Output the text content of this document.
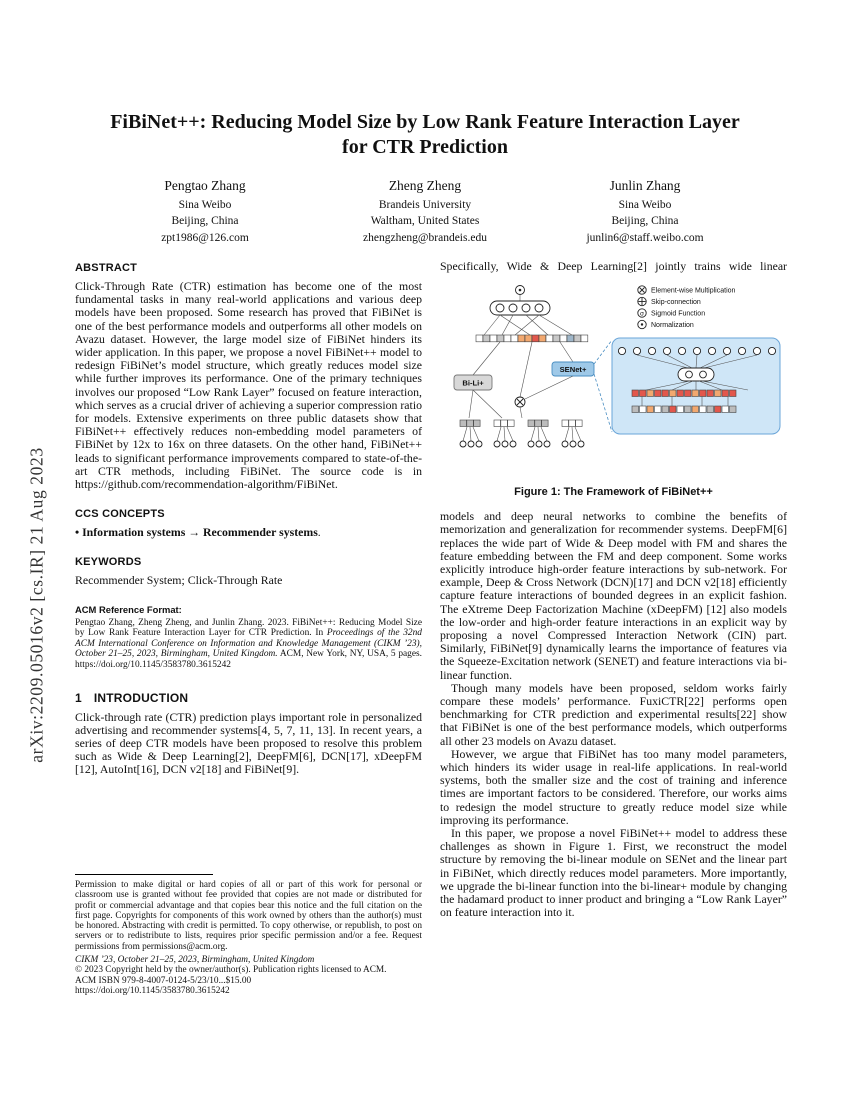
arXiv:2209.05016v2 [cs.IR] 21 Aug 2023
FiBiNet++: Reducing Model Size by Low Rank Feature Interaction Layer for CTR Prediction
Pengtao Zhang
Sina Weibo
Beijing, China
zpt1986@126.com
Zheng Zheng
Brandeis University
Waltham, United States
zhengzheng@brandeis.edu
Junlin Zhang
Sina Weibo
Beijing, China
junlin6@staff.weibo.com
ABSTRACT

Click-Through Rate (CTR) estimation has become one of the most fundamental tasks in many real-world applications and various deep models have been proposed. Some research has proved that FiBiNet is one of the best performance models and outperforms all other models on Avazu dataset. However, the large model size of FiBiNet hinders its wider application. In this paper, we propose a novel FiBiNet++ model to redesign FiBiNet’s model structure, which greatly reduces model size while further improves its performance. One of the primary techniques involves our proposed “Low Rank Layer” focused on feature interaction, which serves as a crucial driver of achieving a superior compression ratio for models. Extensive experiments on three public datasets show that FiBiNet++ effectively reduces non-embedding model parameters of FiBiNet by 12x to 16x on three datasets. On the other hand, FiBiNet++ leads to significant performance improvements compared to state-of-the-art CTR methods, including FiBiNet. The source code is in https://github.com/recommendation-algorithm/FiBiNet.

CCS CONCEPTS

• Information systems → Recommender systems.

KEYWORDS

Recommender System; Click-Through Rate

ACM Reference Format:

Pengtao Zhang, Zheng Zheng, and Junlin Zhang. 2023. FiBiNet++: Reducing Model Size by Low Rank Feature Interaction Layer for CTR Prediction. In Proceedings of the 32nd ACM International Conference on Information and Knowledge Management (CIKM ’23), October 21–25, 2023, Birmingham, United Kingdom. ACM, New York, NY, USA, 5 pages. https://doi.org/10.1145/3583780.3615242

1 INTRODUCTION

Click-through rate (CTR) prediction plays important role in personalized advertising and recommender systems[4, 5, 7, 11, 13]. In recent years, a series of deep CTR models have been proposed to resolve this problem such as Wide & Deep Learning[2], DeepFM[6], DCN[17], xDeepFM [12], AutoInt[16], DCN v2[18] and FiBiNet[9].

Permission to make digital or hard copies of all or part of this work for personal or classroom use is granted without fee provided that copies are not made or distributed for profit or commercial advantage and that copies bear this notice and the full citation on the first page. Copyrights for components of this work owned by others than the author(s) must be honored. Abstracting with credit is permitted. To copy otherwise, or republish, to post on servers or to redistribute to lists, requires prior specific permission and/or a fee. Request permissions from permissions@acm.org.
CIKM ’23, October 21–25, 2023, Birmingham, United Kingdom
© 2023 Copyright held by the owner/author(s). Publication rights licensed to ACM.
ACM ISBN 979-8-4007-0124-5/23/10...$15.00
https://doi.org/10.1145/3583780.3615242

Specifically, Wide & Deep Learning[2] jointly trains wide linear

Element-wise Multiplication
Skip-connection
σ Sigmoid Function
Normalization
Bi-Li+
SENet+
Figure 1: The Framework of FiBiNet++

models and deep neural networks to combine the benefits of memorization and generalization for recommender systems. DeepFM[6] replaces the wide part of Wide & Deep model with FM and shares the feature embedding between the FM and deep component. Some works explicitly introduce high-order feature interactions by sub-network. For example, Deep & Cross Network (DCN)[17] and DCN v2[18] efficiently capture feature interactions of bounded degrees in an explicit fashion. The eXtreme Deep Factorization Machine (xDeepFM) [12] also models the low-order and high-order feature interactions in an explicit way by proposing a novel Compressed Interaction Network (CIN) part. Similarly, FiBiNet[9] dynamically learns the importance of features via the Squeeze-Excitation network (SENET) and feature interactions via bi-linear function.

Though many models have been proposed, seldom works fairly compare these models’ performance. FuxiCTR[22] performs open benchmarking for CTR prediction and experimental results[22] show that FiBiNet is one of the best performance models, which outperforms all other 23 models on Avazu dataset.

However, we argue that FiBiNet has too many model parameters, which hinders its wider usage in real-life applications. In real-world systems, both the smaller size and the cost of training and inference times are important factors to be considered. Therefore, our works aims to redesign the model structure to greatly reduce model size while improving its performance.

In this paper, we propose a novel FiBiNet++ model to address these challenges as shown in Figure 1. First, we reconstruct the model structure by removing the bi-linear module on SENet and the linear part in FiBiNet, which directly reduces model parameters. More importantly, we upgrade the bi-linear function into the bi-linear+ module by changing the hadamard product to inner product and bringing a “Low Rank Layer” on feature interaction into it.
